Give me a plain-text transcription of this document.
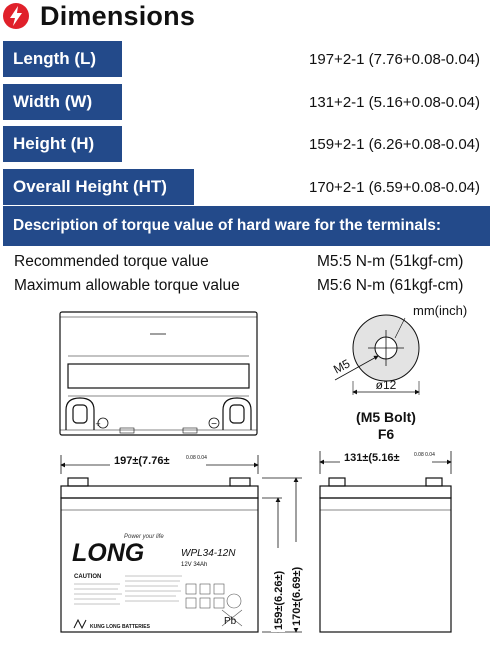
Dimensions
Length (L)	197+2-1 (7.76+0.08-0.04)
Width (W)	131+2-1 (5.16+0.08-0.04)
Height (H)	159+2-1 (6.26+0.08-0.04)
Overall Height (HT)	170+2-1 (6.59+0.08-0.04)
Description of torque value of hard ware for the terminals:
Recommended torque value	M5:5 N-m (51kgf-cm)
Maximum allowable torque value	M5:6 N-m (61kgf-cm)
+	−
mm(inch)
M5
ø12
(M5 Bolt)
F6
197±(7.76±	0.08 0.04
LONG
Power your life
WPL34-12N
12V 34Ah
CAUTION
Pb
KUNG LONG BATTERIES	159±(6.26±) 170±(6.69±)
131±(5.16±	0.08 0.04
